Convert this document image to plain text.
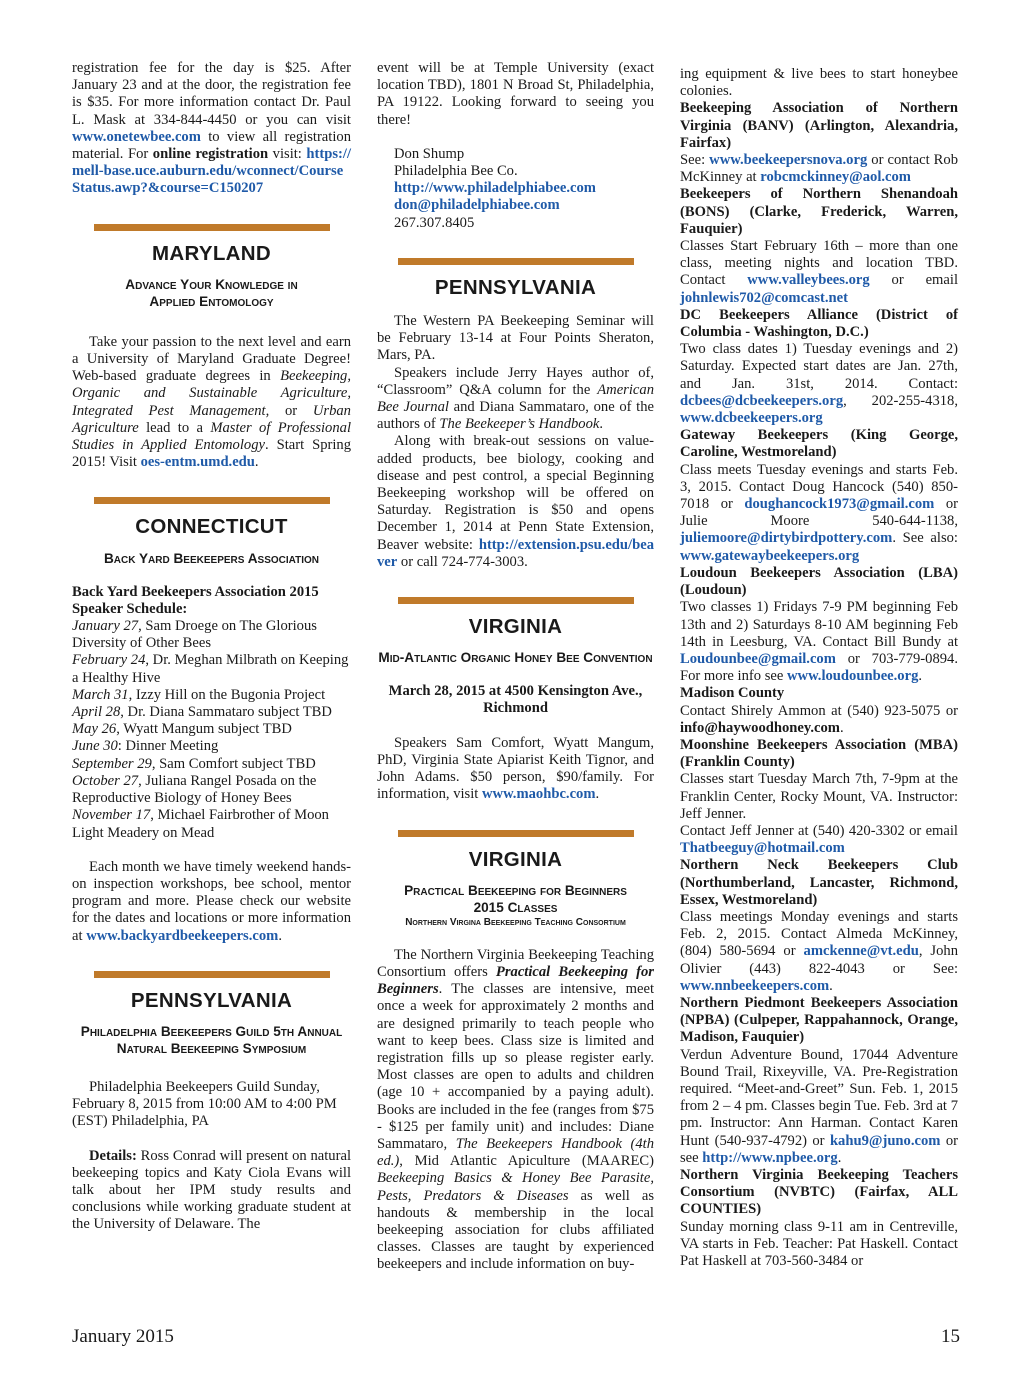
registration fee for the day is $25. After January 23 and at the door, the registration fee is $35. For more information contact Dr. Paul L. Mask at 334-844-4450 or you can visit www.onetewbee.com to view all registration material. For online registration visit: https://mell-base.uce.auburn.edu/wconnect/CourseStatus.awp?&course=C150207

MARYLAND
Advance Your Knowledge in
Applied Entomology

Take your passion to the next level and earn a University of Maryland Graduate Degree! Web-based graduate degrees in Beekeeping, Organic and Sustainable Agriculture, Integrated Pest Management, or Urban Agriculture lead to a Master of Professional Studies in Applied Entomology. Start Spring 2015! Visit oes-entm.umd.edu.

CONNECTICUT
Back Yard Beekeepers Association

Back Yard Beekeepers Association 2015 Speaker Schedule:

January 27, Sam Droege on The Glorious Diversity of Other Bees

February 24, Dr. Meghan Milbrath on Keeping a Healthy Hive

March 31, Izzy Hill on the Bugonia Project

April 28, Dr. Diana Sammataro subject TBD

May 26, Wyatt Mangum subject TBD

June 30: Dinner Meeting

September 29, Sam Comfort subject TBD

October 27, Juliana Rangel Posada on the Reproductive Biology of Honey Bees

November 17, Michael Fairbrother of Moon Light Meadery on Mead

Each month we have timely weekend hands-on inspection workshops, bee school, mentor program and more. Please check our website for the dates and locations or more information at www.backyardbeekeepers.com.

PENNSYLVANIA
Philadelphia Beekeepers Guild 5th Annual
Natural Beekeeping Symposium

Philadelphia Beekeepers Guild Sunday, February 8, 2015 from 10:00 AM to 4:00 PM (EST) Philadelphia, PA

Details: Ross Conrad will present on natural beekeeping topics and Katy Ciola Evans will talk about her IPM study results and conclusions while working graduate student at the University of Delaware. The

event will be at Temple University (exact location TBD), 1801 N Broad St, Philadelphia, PA 19122. Looking forward to seeing you there!

Don Shump
Philadelphia Bee Co.
http://www.philadelphiabee.com
don@philadelphiabee.com
267.307.8405
PENNSYLVANIA

The Western PA Beekeeping Seminar will be February 13-14 at Four Points Sheraton, Mars, PA.

Speakers include Jerry Hayes author of, “Classroom” Q&A column for the American Bee Journal and Diana Sammataro, one of the authors of The Beekeeper’s Handbook.

Along with break-out sessions on value-added products, bee biology, cooking and disease and pest control, a special Beginning Beekeeping workshop will be offered on Saturday. Registration is $50 and opens December 1, 2014 at Penn State Extension, Beaver website: http://extension.psu.edu/beaver or call 724-774-3003.

VIRGINIA
Mid-Atlantic Organic Honey Bee Convention

March 28, 2015 at 4500 Kensington Ave., Richmond

Speakers Sam Comfort, Wyatt Mangum, PhD, Virginia State Apiarist Keith Tignor, and John Adams. $50 person, $90/family. For information, visit www.maohbc.com.

VIRGINIA
Practical Beekeeping for Beginners
2015 Classes
Northern Virgina Beekeeping Teaching Consortium

The Northern Virginia Beekeeping Teaching Consortium offers Practical Beekeeping for Beginners. The classes are intensive, meet once a week for approximately 2 months and are designed primarily to teach people who want to keep bees. Class size is limited and registration fills up so please register early. Most classes are open to adults and children (age 10 + accompanied by a paying adult). Books are included in the fee (ranges from $75 - $125 per family unit) and includes: Diane Sammataro, The Beekeepers Handbook (4th ed.), Mid Atlantic Apiculture (MAAREC) Beekeeping Basics & Honey Bee Parasite, Pests, Predators & Diseases as well as handouts & membership in the local beekeeping association for clubs affiliated classes. Classes are taught by experienced beekeepers and include information on buy-

ing equipment & live bees to start honeybee colonies.

Beekeeping Association of Northern Virginia (BANV) (Arlington, Alexandria, Fairfax)

See: www.beekeepersnova.org or contact Rob McKinney at robcmckinney@aol.com

Beekeepers of Northern Shenandoah (BONS) (Clarke, Frederick, Warren, Fauquier)

Classes Start February 16th – more than one class, meeting nights and location TBD. Contact www.valleybees.org or email johnlewis702@comcast.net

DC Beekeepers Alliance (District of Columbia - Washington, D.C.)

Two class dates 1) Tuesday evenings and 2) Saturday. Expected start dates are Jan. 27th, and Jan. 31st, 2014. Contact: dcbees@dcbeekeepers.org, 202-255-4318, www.dcbeekeepers.org

Gateway Beekeepers (King George, Caroline, Westmoreland)

Class meets Tuesday evenings and starts Feb. 3, 2015. Contact Doug Hancock (540) 850-7018 or doughancock1973@gmail.com or Julie Moore 540-644-1138, juliemoore@dirtybirdpottery.com. See also: www.gatewaybeekeepers.org

Loudoun Beekeepers Association (LBA) (Loudoun)

Two classes 1) Fridays 7-9 PM beginning Feb 13th and 2) Saturdays 8-10 AM beginning Feb 14th in Leesburg, VA. Contact Bill Bundy at Loudounbee@gmail.com or 703-779-0894. For more info see www.loudounbee.org.

Madison County

Contact Shirely Ammon at (540) 923-5075 or info@haywoodhoney.com.

Moonshine Beekeepers Association (MBA) (Franklin County)

Classes start Tuesday March 7th, 7-9pm at the Franklin Center, Rocky Mount, VA. Instructor: Jeff Jenner.

Contact Jeff Jenner at (540) 420-3302 or email Thatbeeguy@hotmail.com

Northern Neck Beekeepers Club (Northumberland, Lancaster, Richmond, Essex, Westmoreland)

Class meetings Monday evenings and starts Feb. 2, 2015. Contact Almeda McKinney, (804) 580-5694 or amckenne@vt.edu, John Olivier (443) 822-4043 or See: www.nnbeekeepers.com.

Northern Piedmont Beekeepers Association (NPBA) (Culpeper, Rappahannock, Orange, Madison, Fauquier)

Verdun Adventure Bound, 17044 Adventure Bound Trail, Rixeyville, VA. Pre-Registration required. “Meet-and-Greet” Sun. Feb. 1, 2015 from 2 – 4 pm. Classes begin Tue. Feb. 3rd at 7 pm. Instructor: Ann Harman. Contact Karen Hunt (540-937-4792) or kahu9@juno.com or see http://www.npbee.org.

Northern Virginia Beekeeping Teachers Consortium (NVBTC) (Fairfax, ALL COUNTIES)

Sunday morning class 9-11 am in Centreville, VA starts in Feb. Teacher: Pat Haskell. Contact Pat Haskell at 703-560-3484 or

January 2015	15
